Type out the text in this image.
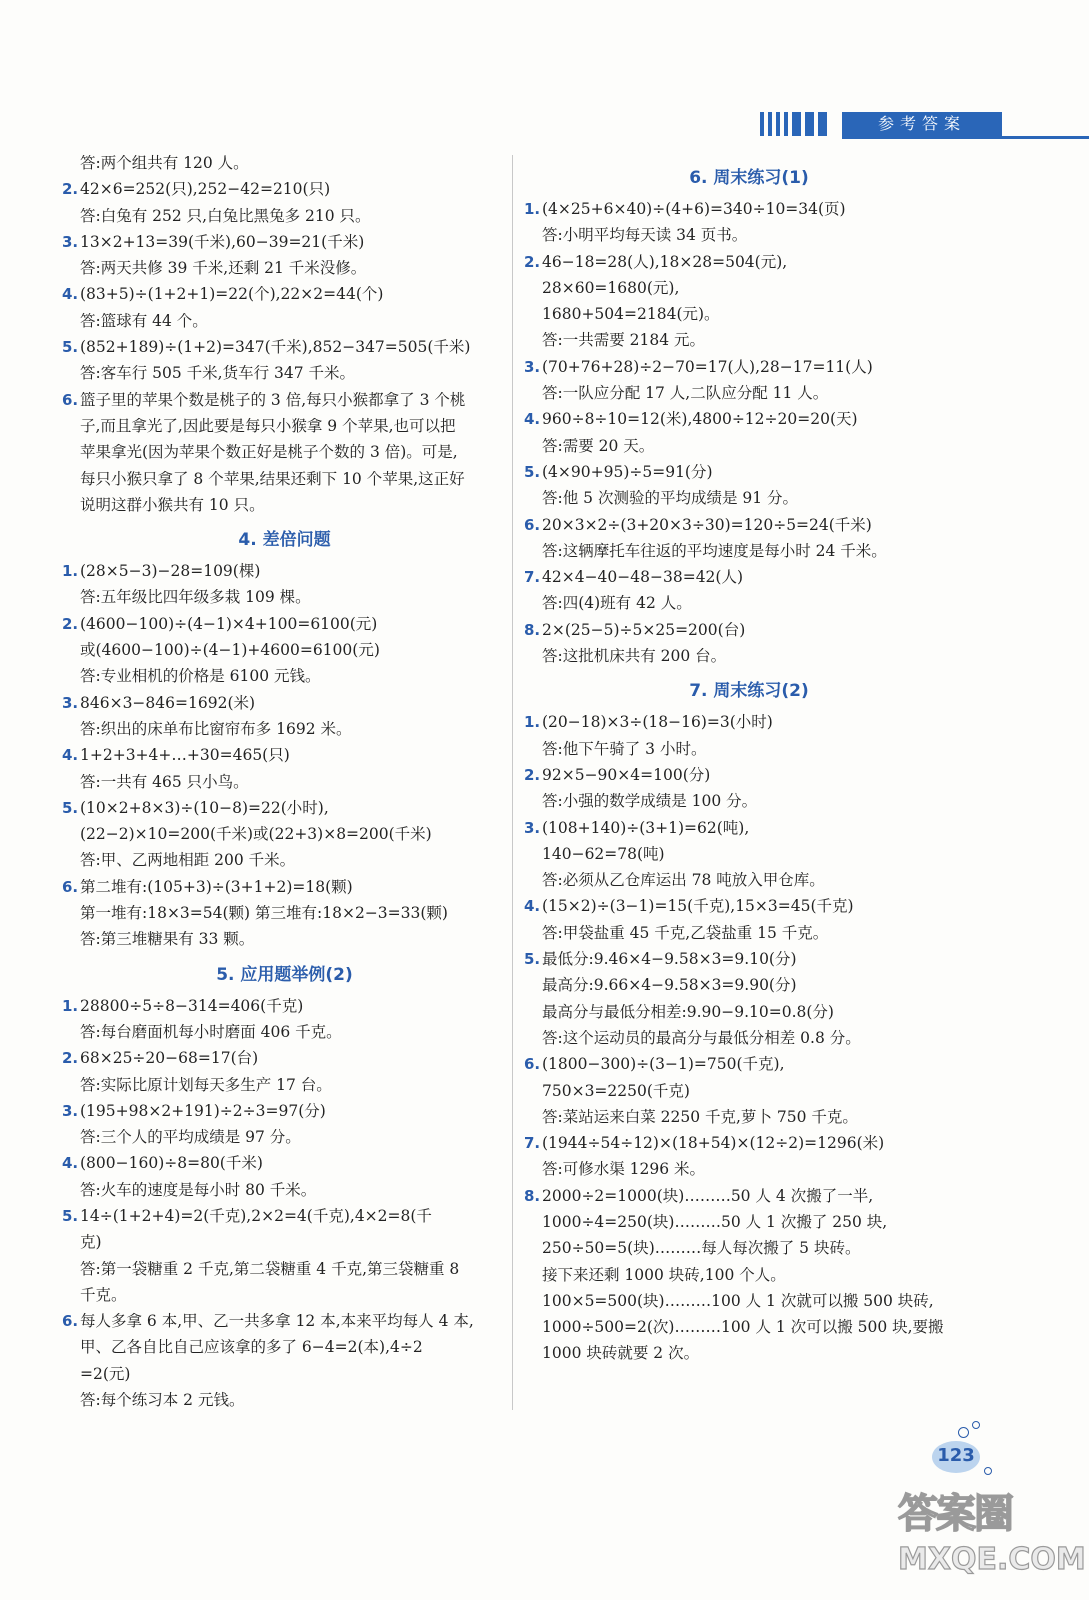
参考答案
答:两个组共有 120 人。
2. 42×6=252(只),252−42=210(只)
答:白兔有 252 只,白兔比黑兔多 210 只。
3. 13×2+13=39(千米),60−39=21(千米)
答:两天共修 39 千米,还剩 21 千米没修。
4. (83+5)÷(1+2+1)=22(个),22×2=44(个)
答:篮球有 44 个。
5. (852+189)÷(1+2)=347(千米),852−347=505(千米)
答:客车行 505 千米,货车行 347 千米。
6. 篮子里的苹果个数是桃子的 3 倍,每只小猴都拿了 3 个桃
子,而且拿光了,因此要是每只小猴拿 9 个苹果,也可以把
苹果拿光(因为苹果个数正好是桃子个数的 3 倍)。可是,
每只小猴只拿了 8 个苹果,结果还剩下 10 个苹果,这正好
说明这群小猴共有 10 只。
4. 差倍问题
1. (28×5−3)−28=109(棵)
答:五年级比四年级多栽 109 棵。
2. (4600−100)÷(4−1)×4+100=6100(元)
或(4600−100)÷(4−1)+4600=6100(元)
答:专业相机的价格是 6100 元钱。
3. 846×3−846=1692(米)
答:织出的床单布比窗帘布多 1692 米。
4. 1+2+3+4+…+30=465(只)
答:一共有 465 只小鸟。
5. (10×2+8×3)÷(10−8)=22(小时),
(22−2)×10=200(千米)或(22+3)×8=200(千米)
答:甲、乙两地相距 200 千米。
6. 第二堆有:(105+3)÷(3+1+2)=18(颗)
第一堆有:18×3=54(颗) 第三堆有:18×2−3=33(颗)
答:第三堆糖果有 33 颗。
5. 应用题举例(2)
1. 28800÷5÷8−314=406(千克)
答:每台磨面机每小时磨面 406 千克。
2. 68×25÷20−68=17(台)
答:实际比原计划每天多生产 17 台。
3. (195+98×2+191)÷2÷3=97(分)
答:三个人的平均成绩是 97 分。
4. (800−160)÷8=80(千米)
答:火车的速度是每小时 80 千米。
5. 14÷(1+2+4)=2(千克),2×2=4(千克),4×2=8(千
克)
答:第一袋糖重 2 千克,第二袋糖重 4 千克,第三袋糖重 8
千克。
6. 每人多拿 6 本,甲、乙一共多拿 12 本,本来平均每人 4 本,
甲、乙各自比自己应该拿的多了 6−4=2(本),4÷2
=2(元)
答:每个练习本 2 元钱。
6. 周末练习(1)
1. (4×25+6×40)÷(4+6)=340÷10=34(页)
答:小明平均每天读 34 页书。
2. 46−18=28(人),18×28=504(元),
28×60=1680(元),
1680+504=2184(元)。
答:一共需要 2184 元。
3. (70+76+28)÷2−70=17(人),28−17=11(人)
答:一队应分配 17 人,二队应分配 11 人。
4. 960÷8÷10=12(米),4800÷12÷20=20(天)
答:需要 20 天。
5. (4×90+95)÷5=91(分)
答:他 5 次测验的平均成绩是 91 分。
6. 20×3×2÷(3+20×3÷30)=120÷5=24(千米)
答:这辆摩托车往返的平均速度是每小时 24 千米。
7. 42×4−40−48−38=42(人)
答:四(4)班有 42 人。
8. 2×(25−5)÷5×25=200(台)
答:这批机床共有 200 台。
7. 周末练习(2)
1. (20−18)×3÷(18−16)=3(小时)
答:他下午骑了 3 小时。
2. 92×5−90×4=100(分)
答:小强的数学成绩是 100 分。
3. (108+140)÷(3+1)=62(吨),
140−62=78(吨)
答:必须从乙仓库运出 78 吨放入甲仓库。
4. (15×2)÷(3−1)=15(千克),15×3=45(千克)
答:甲袋盐重 45 千克,乙袋盐重 15 千克。
5. 最低分:9.46×4−9.58×3=9.10(分)
最高分:9.66×4−9.58×3=9.90(分)
最高分与最低分相差:9.90−9.10=0.8(分)
答:这个运动员的最高分与最低分相差 0.8 分。
6. (1800−300)÷(3−1)=750(千克),
750×3=2250(千克)
答:菜站运来白菜 2250 千克,萝卜 750 千克。
7. (1944÷54÷12)×(18+54)×(12÷2)=1296(米)
答:可修水渠 1296 米。
8. 2000÷2=1000(块)………50 人 4 次搬了一半,
1000÷4=250(块)………50 人 1 次搬了 250 块,
250÷50=5(块)………每人每次搬了 5 块砖。
接下来还剩 1000 块砖,100 个人。
100×5=500(块)………100 人 1 次就可以搬 500 块砖,
1000÷500=2(次)………100 人 1 次可以搬 500 块,要搬
1000 块砖就要 2 次。
123
答案圈
MXQE.COM
